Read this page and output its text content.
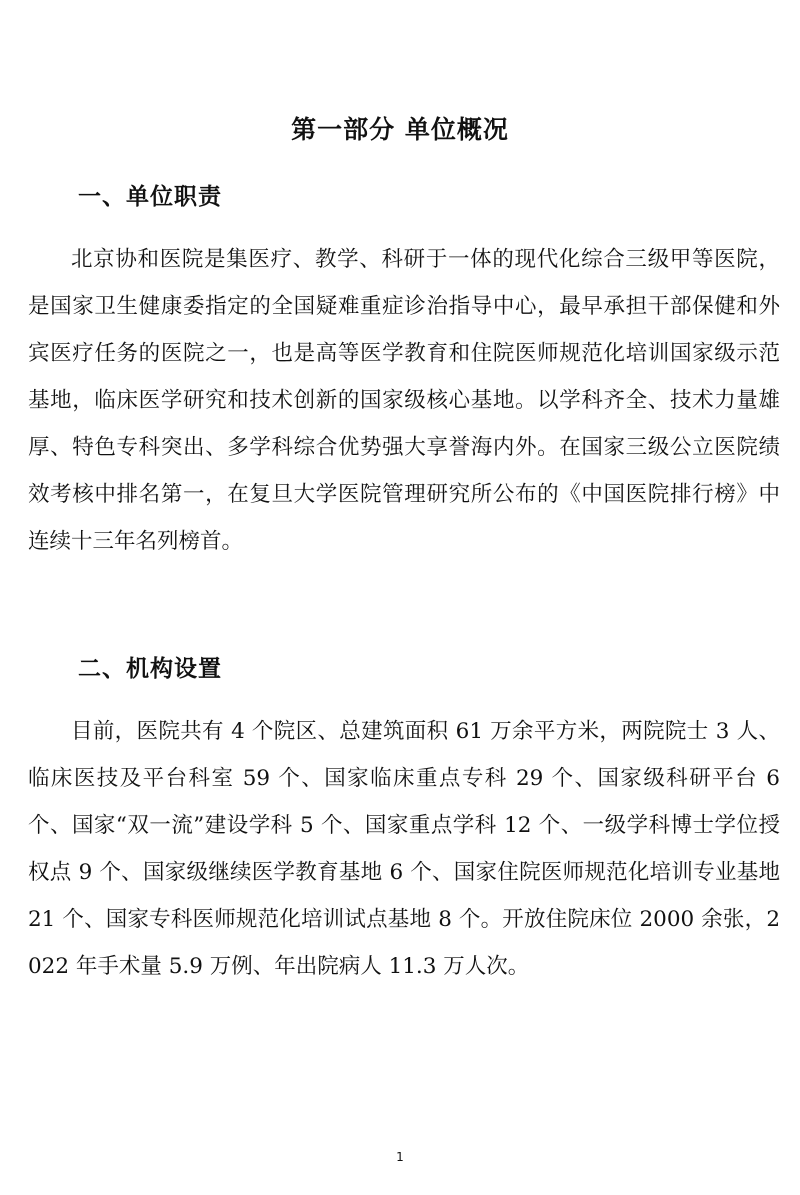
第一部分 单位概况
一、单位职责

北京协和医院是集医疗、教学、科研于一体的现代化综合三级甲等医院，是国家卫生健康委指定的全国疑难重症诊治指导中心，最早承担干部保健和外宾医疗任务的医院之一，也是高等医学教育和住院医师规范化培训国家级示范基地，临床医学研究和技术创新的国家级核心基地。以学科齐全、技术力量雄厚、特色专科突出、多学科综合优势强大享誉海内外。在国家三级公立医院绩效考核中排名第一，在复旦大学医院管理研究所公布的《中国医院排行榜》中连续十三年名列榜首。

二、机构设置

目前，医院共有 4 个院区、总建筑面积 61 万余平方米，两院院士 3 人、临床医技及平台科室 59 个、国家临床重点专科 29 个、国家级科研平台 6 个、国家“双一流”建设学科 5 个、国家重点学科 12 个、一级学科博士学位授权点 9 个、国家级继续医学教育基地 6 个、国家住院医师规范化培训专业基地 21 个、国家专科医师规范化培训试点基地 8 个。开放住院床位 2000 余张，2022 年手术量 5.9 万例、年出院病人 11.3 万人次。

1
